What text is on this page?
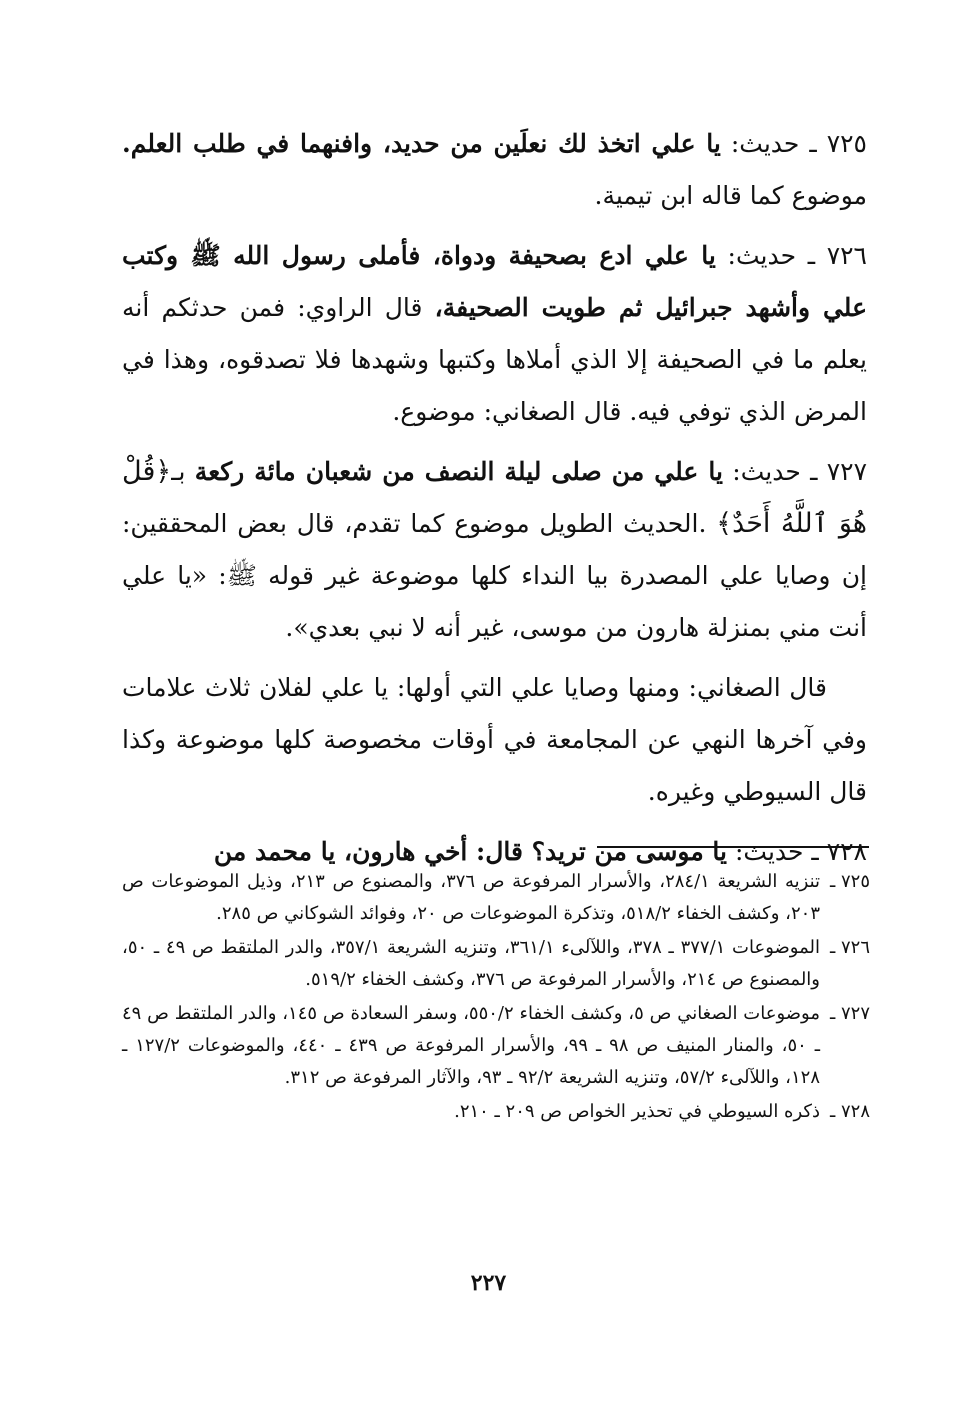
٧٢٥ ـ حديث: يا علي اتخذ لك نعلَين من حديد، وافنهما في طلب العلم. موضوع كما قاله ابن تيمية.

٧٢٦ ـ حديث: يا علي ادع بصحيفة ودواة، فأملى رسول الله ﷺ وكتب علي وأشهد جبرائيل ثم طويت الصحيفة، قال الراوي: فمن حدثكم أنه يعلم ما في الصحيفة إلا الذي أملاها وكتبها وشهدها فلا تصدقوه، وهذا في المرض الذي توفي فيه. قال الصغاني: موضوع.

٧٢٧ ـ حديث: يا علي من صلى ليلة النصف من شعبان مائة ركعة بـ﴿قُلْ هُوَ ٱللَّهُ أَحَدٌ﴾ .الحديث الطويل موضوع كما تقدم، قال بعض المحققين: إن وصايا علي المصدرة بيا النداء كلها موضوعة غير قوله ﷺ: «يا علي أنت مني بمنزلة هارون من موسى، غير أنه لا نبي بعدي».

قال الصغاني: ومنها وصايا علي التي أولها: يا علي لفلان ثلاث علامات وفي آخرها النهي عن المجامعة في أوقات مخصوصة كلها موضوعة وكذا قال السيوطي وغيره.

٧٢٨ ـ حديث: يا موسى من تريد؟ قال: أخي هارون، يا محمد من

٧٢٥ ـ
تنزيه الشريعة ٢٨٤/١، والأسرار المرفوعة ص ٣٧٦، والمصنوع ص ٢١٣، وذيل الموضوعات ص ٢٠٣، وكشف الخفاء ٥١٨/٢، وتذكرة الموضوعات ص ٢٠، وفوائد الشوكاني ص ٢٨٥.
٧٢٦ ـ
الموضوعات ٣٧٧/١ ـ ٣٧٨، واللآلىء ٣٦١/١، وتنزيه الشريعة ٣٥٧/١، والدر الملتقط ص ٤٩ ـ ٥٠، والمصنوع ص ٢١٤، والأسرار المرفوعة ص ٣٧٦، وكشف الخفاء ٥١٩/٢.
٧٢٧ ـ
موضوعات الصغاني ص ٥، وكشف الخفاء ٥٥٠/٢، وسفر السعادة ص ١٤٥، والدر الملتقط ص ٤٩ ـ ٥٠، والمنار المنيف ص ٩٨ ـ ٩٩، والأسرار المرفوعة ص ٤٣٩ ـ ٤٤٠، والموضوعات ١٢٧/٢ ـ ١٢٨، واللآلىء ٥٧/٢، وتنزيه الشريعة ٩٢/٢ ـ ٩٣، والآثار المرفوعة ص ٣١٢.
٧٢٨ ـ
ذكره السيوطي في تحذير الخواص ص ٢٠٩ ـ ٢١٠.
٢٢٧
